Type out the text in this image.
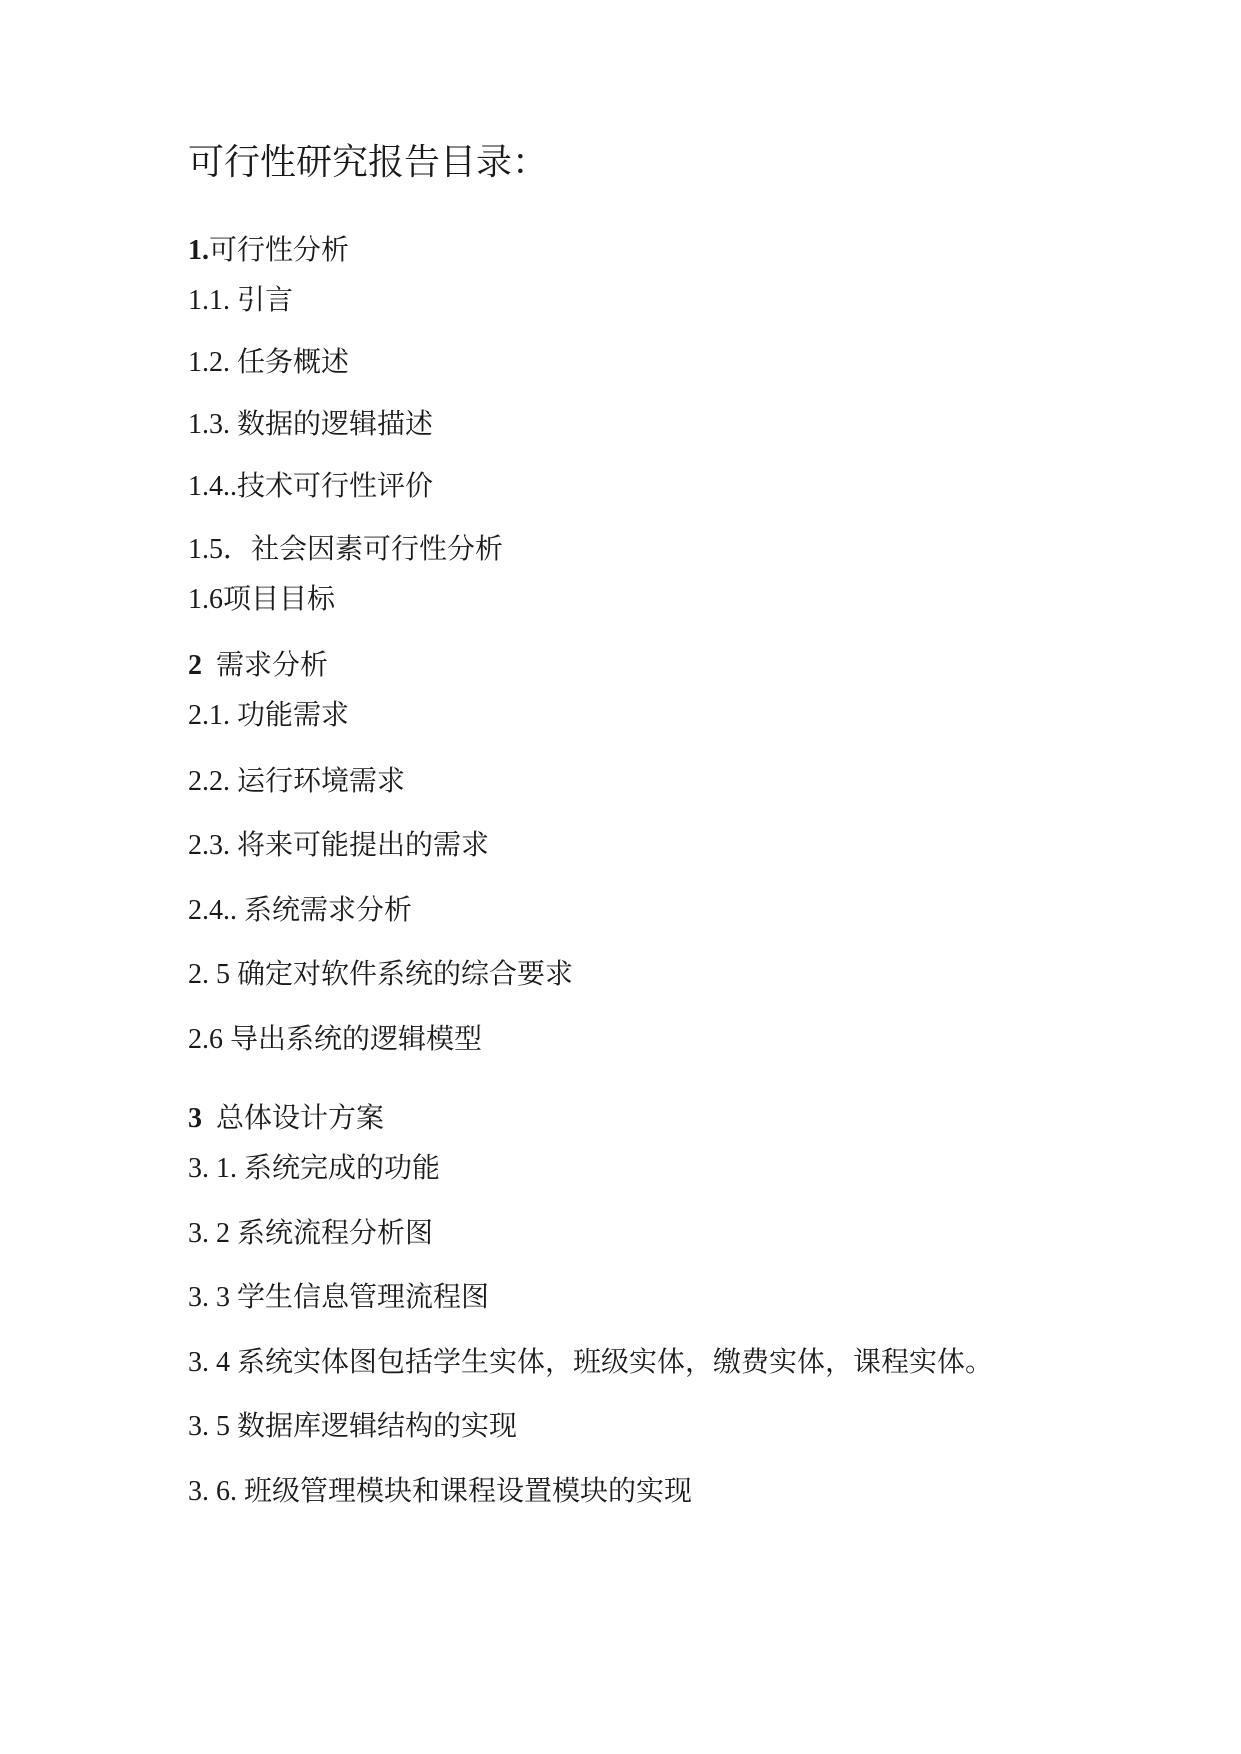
可行性研究报告目录：
1.可行性分析
1.1. 引言
1.2. 任务概述
1.3. 数据的逻辑描述
1.4..技术可行性评价
1.5．社会因素可行性分析
1.6项目目标
2 需求分析
2.1. 功能需求
2.2. 运行环境需求
2.3. 将来可能提出的需求
2.4.. 系统需求分析
2. 5 确定对软件系统的综合要求
2.6 导出系统的逻辑模型
3 总体设计方案
3. 1. 系统完成的功能
3. 2 系统流程分析图
3. 3 学生信息管理流程图
3. 4 系统实体图包括学生实体，班级实体，缴费实体，课程实体。
3. 5 数据库逻辑结构的实现
3. 6. 班级管理模块和课程设置模块的实现
